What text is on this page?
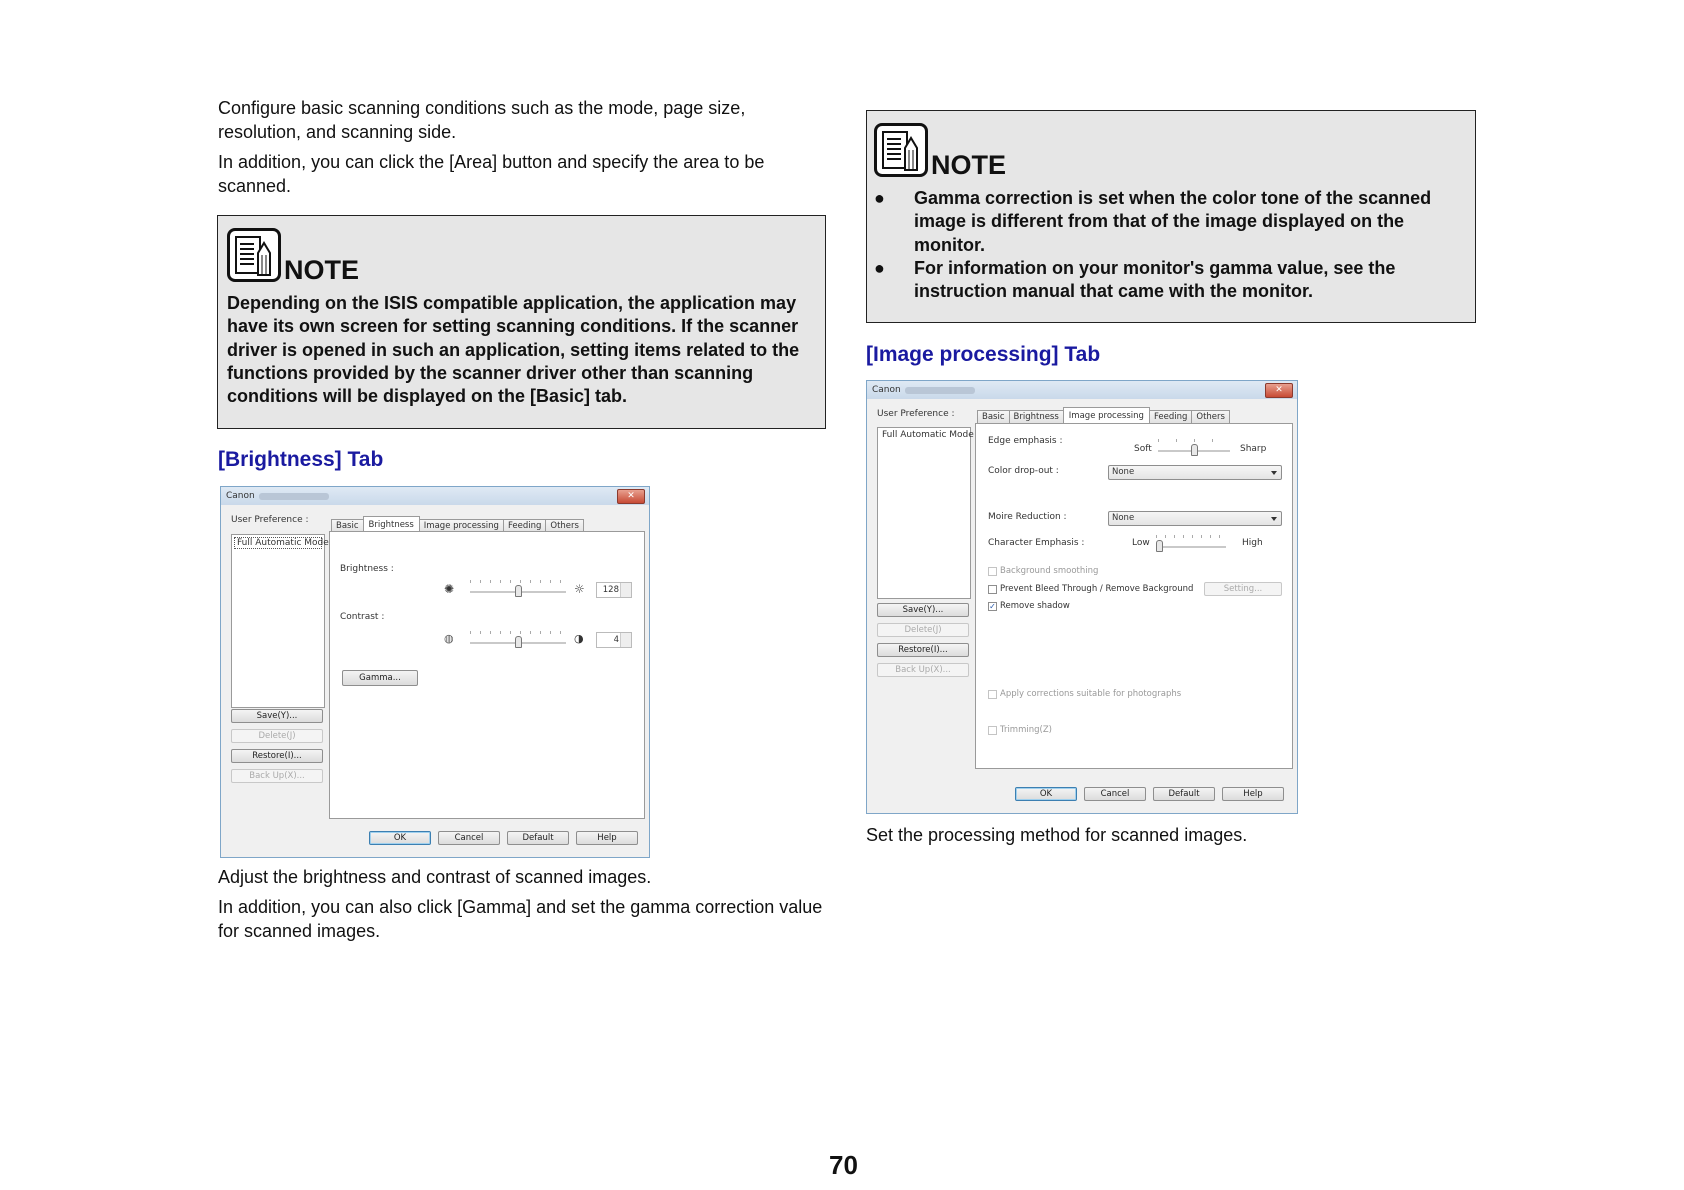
Configure basic scanning conditions such as the mode, page size, resolution, and scanning side.

In addition, you can click the [Area] button and specify the area to be scanned.

NOTE
Depending on the ISIS compatible application, the application may have its own screen for setting scanning conditions. If the scanner driver is opened in such an application, setting items related to the functions provided by the scanner driver other than scanning conditions will be displayed on the [Basic] tab.
[Brightness] Tab
Canon	✕
User Preference :
Full Automatic Mode
Save(Y)...
Delete(J)
Restore(I)...
Back Up(X)...
Basic	Brightness	Image processing	Feeding	Others
Brightness :
✺	☼	128
Contrast :
◍	◑	4
Gamma...
OK	Cancel	Default	Help

Adjust the brightness and contrast of scanned images.

In addition, you can also click [Gamma] and set the gamma correction value for scanned images.

NOTE
●	Gamma correction is set when the color tone of the scanned image is different from that of the image displayed on the monitor.
●	For information on your monitor's gamma value, see the instruction manual that came with the monitor.
[Image processing] Tab
Canon	✕
User Preference :
Full Automatic Mode
Save(Y)...
Delete(J)
Restore(I)...
Back Up(X)...
Basic	Brightness	Image processing	Feeding	Others
Edge emphasis :
Soft	Sharp
Color drop-out :	None
Moire Reduction :	None
Character Emphasis :	Low	High
Background smoothing
Prevent Bleed Through / Remove Background	Setting...
✓ Remove shadow
Apply corrections suitable for photographs
Trimming(Z)
OK	Cancel	Default	Help

Set the processing method for scanned images.

70
